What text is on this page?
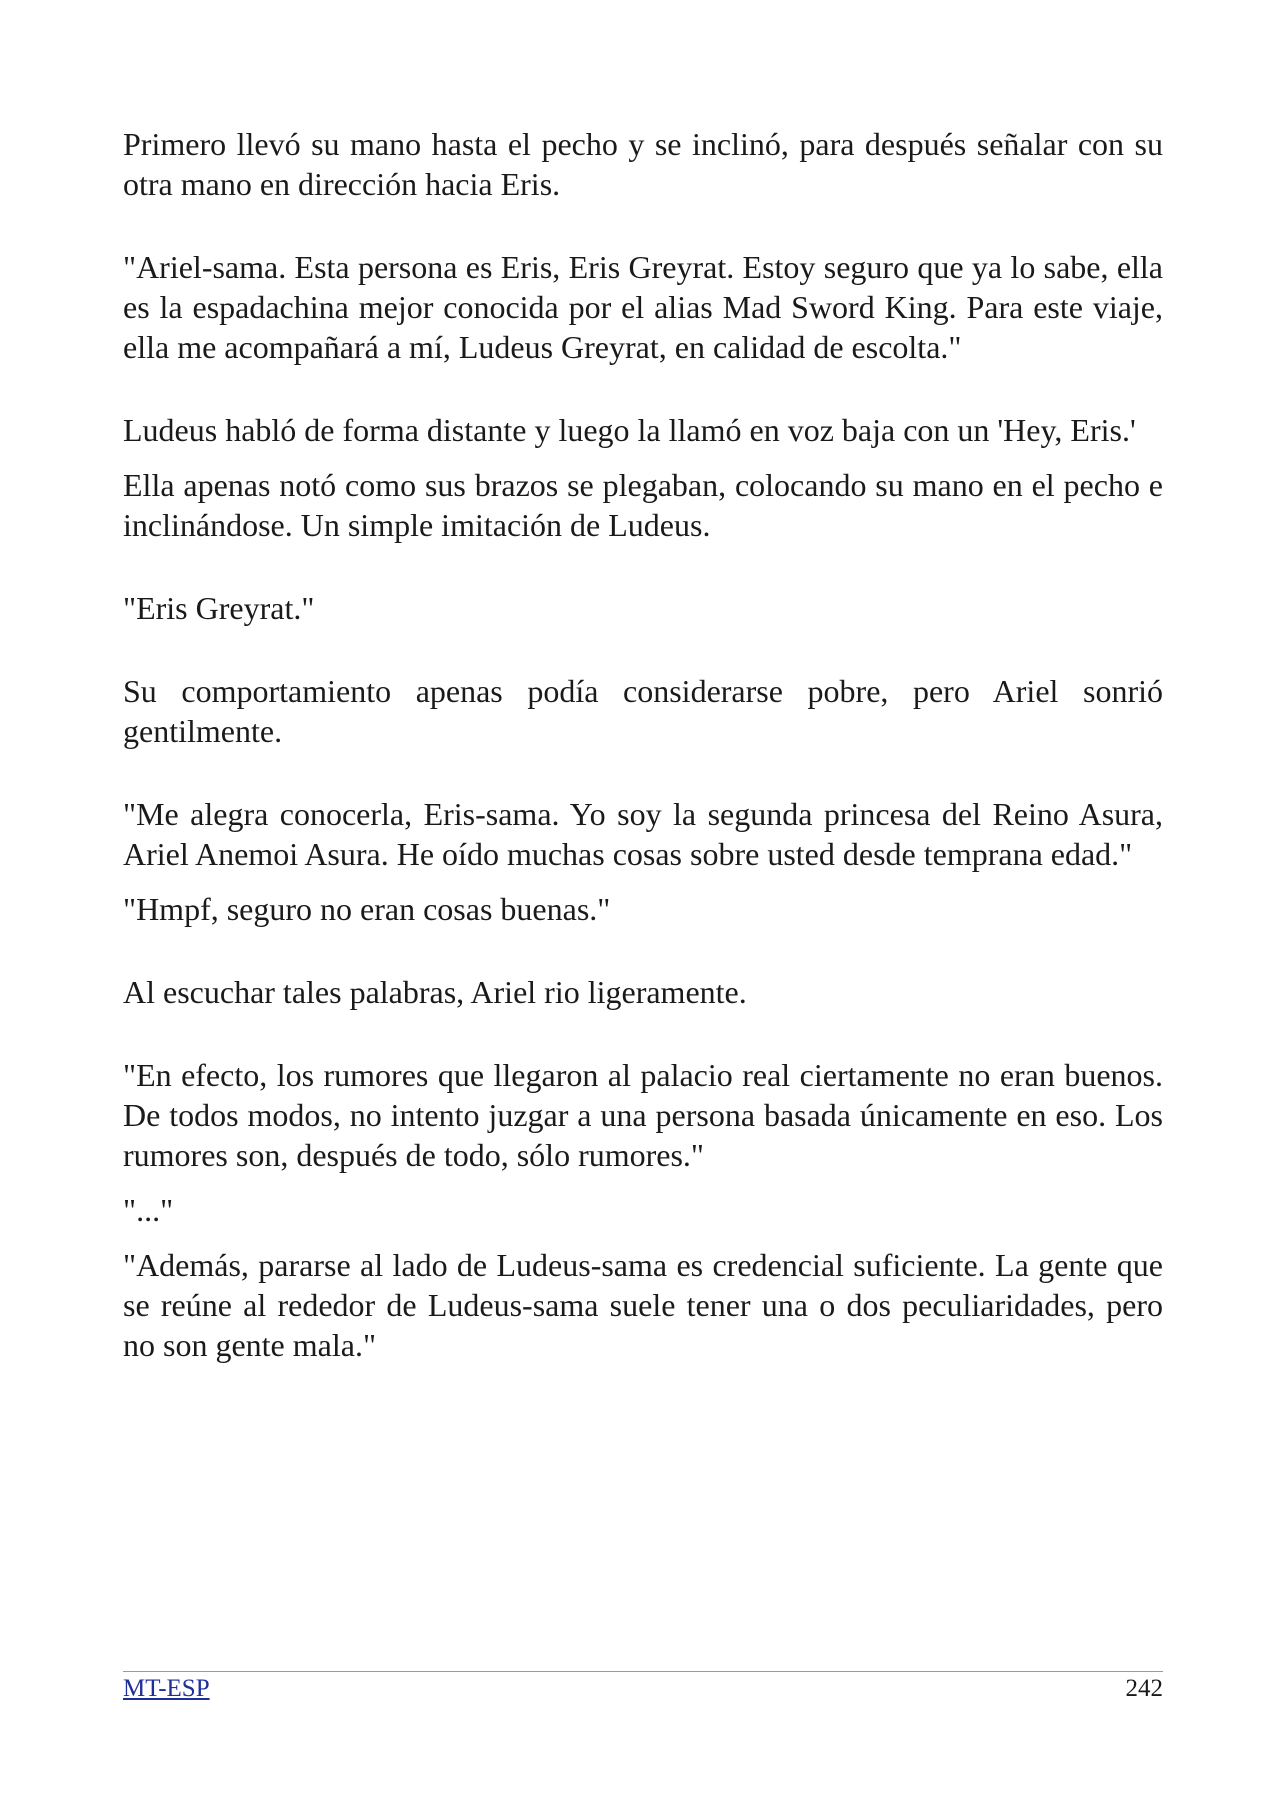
Primero llevó su mano hasta el pecho y se inclinó, para después señalar con su otra mano en dirección hacia Eris.

"Ariel-sama. Esta persona es Eris, Eris Greyrat. Estoy seguro que ya lo sabe, ella es la espadachina mejor conocida por el alias Mad Sword King. Para este viaje, ella me acompañará a mí, Ludeus Greyrat, en calidad de escolta."

Ludeus habló de forma distante y luego la llamó en voz baja con un 'Hey, Eris.'

Ella apenas notó como sus brazos se plegaban, colocando su mano en el pecho e inclinándose. Un simple imitación de Ludeus.

"Eris Greyrat."

Su comportamiento apenas podía considerarse pobre, pero Ariel sonrió gentilmente.

"Me alegra conocerla, Eris-sama. Yo soy la segunda princesa del Reino Asura, Ariel Anemoi Asura. He oído muchas cosas sobre usted desde temprana edad."

"Hmpf, seguro no eran cosas buenas."

Al escuchar tales palabras, Ariel rio ligeramente.

"En efecto, los rumores que llegaron al palacio real ciertamente no eran buenos. De todos modos, no intento juzgar a una persona basada únicamente en eso. Los rumores son, después de todo, sólo rumores."

"..."

"Además, pararse al lado de Ludeus-sama es credencial suficiente. La gente que se reúne al rededor de Ludeus-sama suele tener una o dos peculiaridades, pero no son gente mala."

MT-ESP	242
